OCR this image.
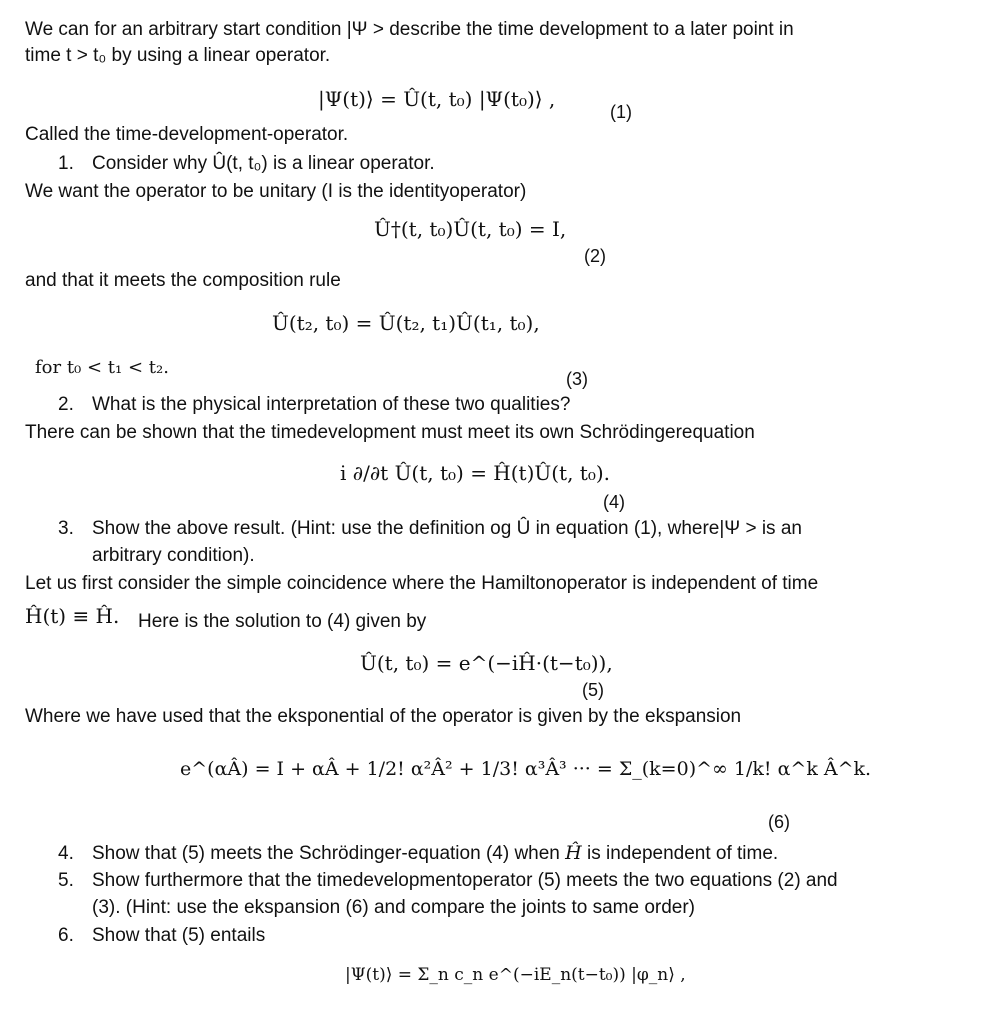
We can for an arbitrary start condition |Ψ > describe the time development to a later point in
time t > t₀ by using a linear operator.
|Ψ(t)⟩ = Û(t, t₀) |Ψ(t₀)⟩ ,
(1)
Called the time-development-operator.
1. Consider why Û(t, t₀) is a linear operator.
We want the operator to be unitary (I is the identityoperator)
Û†(t, t₀)Û(t, t₀) = I,
(2)
and that it meets the composition rule
Û(t₂, t₀) = Û(t₂, t₁)Û(t₁, t₀),
for t₀ < t₁ < t₂.
(3)
2. What is the physical interpretation of these two qualities?
There can be shown that the timedevelopment must meet its own Schrödingerequation
i ∂/∂t Û(t, t₀) = Ĥ(t)Û(t, t₀).
(4)
3. Show the above result. (Hint: use the definition og Û in equation (1), where|Ψ > is an
arbitrary condition).
Let us first consider the simple coincidence where the Hamiltonoperator is independent of time
Ĥ(t) ≡ Ĥ. Here is the solution to (4) given by
Û(t, t₀) = e^(−iĤ·(t−t₀)),
(5)
Where we have used that the eksponential of the operator is given by the ekspansion
e^(αÂ) = I + αÂ + 1/2! α²Â² + 1/3! α³Â³ ··· = Σ_(k=0)^∞ 1/k! α^k Â^k.
(6)
4. Show that (5) meets the Schrödinger-equation (4) when Ĥ is independent of time.
5. Show furthermore that the timedevelopmentoperator (5) meets the two equations (2) and
(3). (Hint: use the ekspansion (6) and compare the joints to same order)
6. Show that (5) entails
|Ψ(t)⟩ = Σ_n c_n e^(−iE_n(t−t₀)) |φ_n⟩ ,
